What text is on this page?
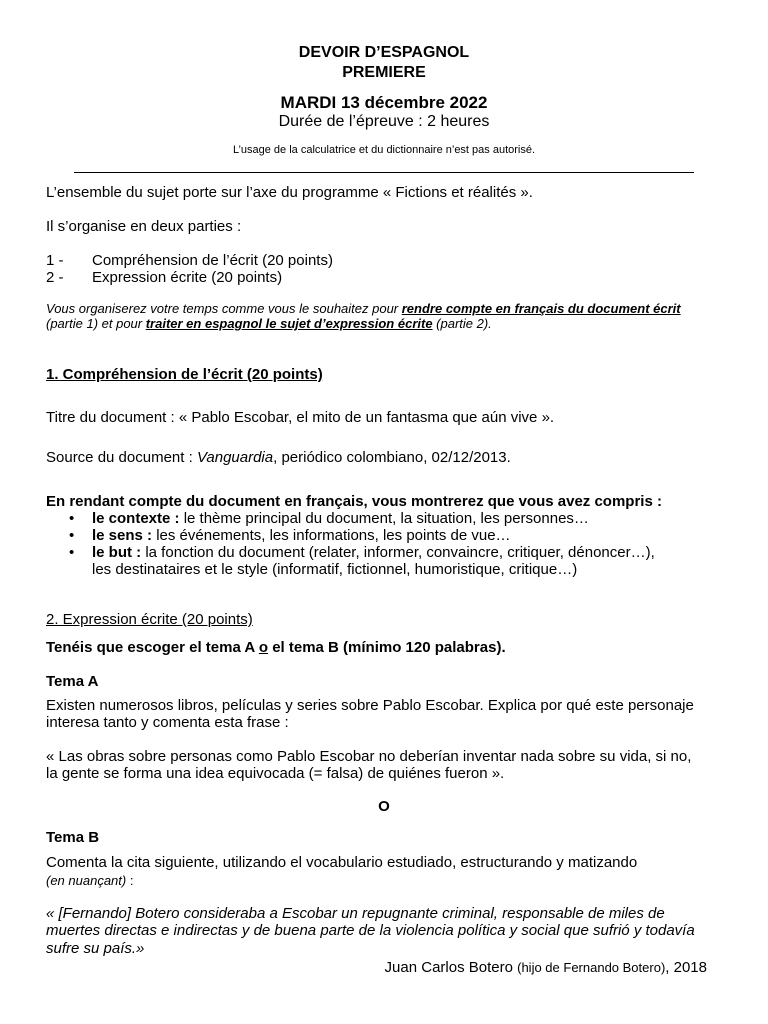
DEVOIR D’ESPAGNOL
PREMIERE
MARDI 13 décembre 2022
Durée de l’épreuve : 2 heures
L’usage de la calculatrice et du dictionnaire n’est pas autorisé.
L’ensemble du sujet porte sur l’axe du programme « Fictions et réalités ».
Il s’organise en deux parties :
1 - Compréhension de l’écrit (20 points)
2 - Expression écrite (20 points)
Vous organiserez votre temps comme vous le souhaitez pour rendre compte en français du document écrit
(partie 1) et pour traiter en espagnol le sujet d’expression écrite (partie 2).
1. Compréhension de l’écrit (20 points)
Titre du document : « Pablo Escobar, el mito de un fantasma que aún vive ».
Source du document : Vanguardia, periódico colombiano, 02/12/2013.
En rendant compte du document en français, vous montrerez que vous avez compris :
• le contexte : le thème principal du document, la situation, les personnes…
• le sens : les événements, les informations, les points de vue…
• le but : la fonction du document (relater, informer, convaincre, critiquer, dénoncer…),
les destinataires et le style (informatif, fictionnel, humoristique, critique…)
2. Expression écrite (20 points)
Tenéis que escoger el tema A o el tema B (mínimo 120 palabras).
Tema A
Existen numerosos libros, películas y series sobre Pablo Escobar. Explica por qué este personaje
interesa tanto y comenta esta frase :
« Las obras sobre personas como Pablo Escobar no deberían inventar nada sobre su vida, si no,
la gente se forma una idea equivocada (= falsa) de quiénes fueron ».
O
Tema B
Comenta la cita siguiente, utilizando el vocabulario estudiado, estructurando y matizando
(en nuançant) :
« [Fernando] Botero consideraba a Escobar un repugnante criminal, responsable de miles de
muertes directas e indirectas y de buena parte de la violencia política y social que sufrió y todavía
sufre su país.»
Juan Carlos Botero (hijo de Fernando Botero), 2018
